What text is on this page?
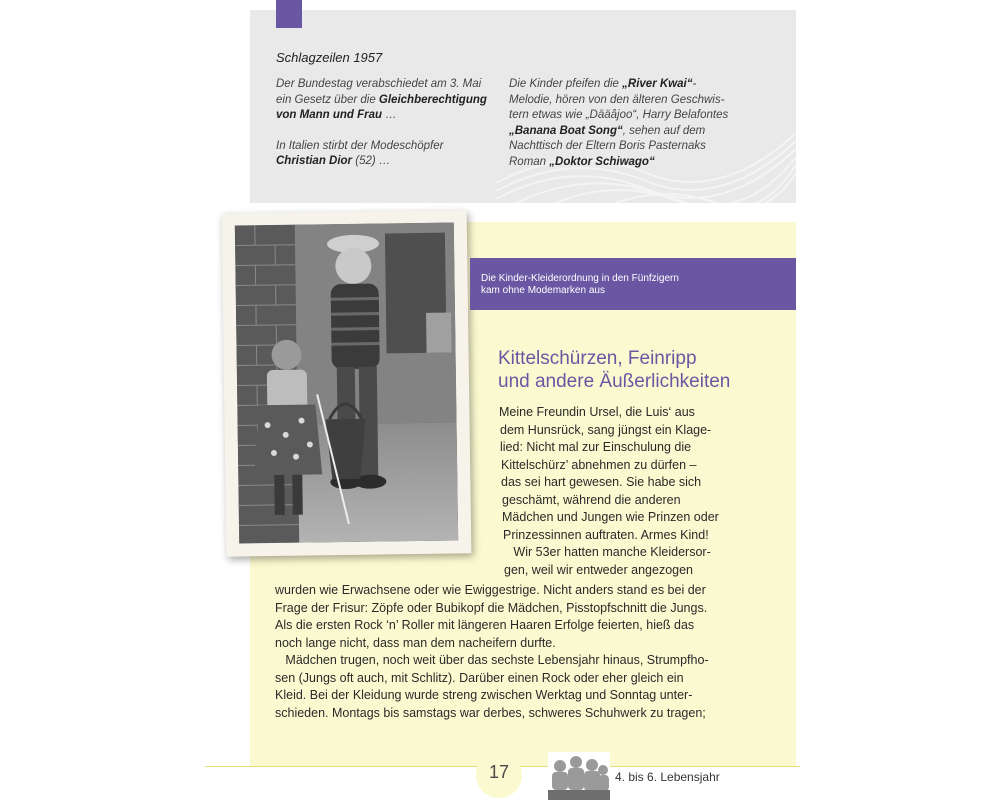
Schlagzeilen 1957
Der Bundestag verabschiedet am 3. Mai
ein Gesetz über die Gleichberechtigung
von Mann und Frau …
In Italien stirbt der Modeschöpfer
Christian Dior (52) …
Die Kinder pfeifen die „River Kwai“-
Melodie, hören von den älteren Geschwis-
tern etwas wie „Dääâjoo“, Harry Belafontes
„Banana Boat Song“, sehen auf dem
Nachttisch der Eltern Boris Pasternaks
Roman „Doktor Schiwago“
Die Kinder-Kleiderordnung in den Fünfzigern
kam ohne Modemarken aus
Kittelschürzen, Feinripp
und andere Äußerlichkeiten
Meine Freundin Ursel, die Luis‘ aus
dem Hunsrück, sang jüngst ein Klage-
lied: Nicht mal zur Einschulung die
Kittelschürz’ abnehmen zu dürfen –
das sei hart gewesen. Sie habe sich
geschämt, während die anderen
Mädchen und Jungen wie Prinzen oder
Prinzessinnen auftraten. Armes Kind!
Wir 53er hatten manche Kleidersor-
gen, weil wir entweder angezogen
wurden wie Erwachsene oder wie Ewiggestrige. Nicht anders stand es bei der
Frage der Frisur: Zöpfe oder Bubikopf die Mädchen, Pisstopfschnitt die Jungs.
Als die ersten Rock ‘n’ Roller mit längeren Haaren Erfolge feierten, hieß das
noch lange nicht, dass man dem nacheifern durfte.
Mädchen trugen, noch weit über das sechste Lebensjahr hinaus, Strumpfho-
sen (Jungs oft auch, mit Schlitz). Darüber einen Rock oder eher gleich ein
Kleid. Bei der Kleidung wurde streng zwischen Werktag und Sonntag unter-
schieden. Montags bis samstags war derbes, schweres Schuhwerk zu tragen;
17	4. bis 6. Lebensjahr
